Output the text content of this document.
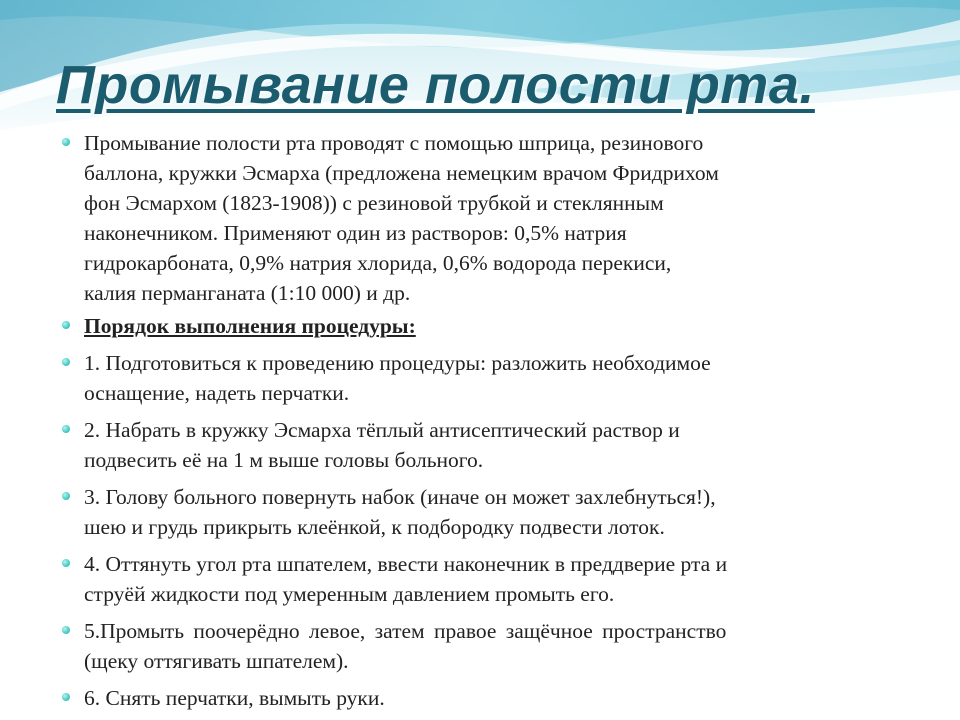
Промывание полости рта.
Промывание полости рта проводят с помощью шприца, резинового
баллона, кружки Эсмарха (предложена немецким врачом Фридрихом
фон Эсмархом (1823-1908)) с резиновой трубкой и стеклянным
наконечником. Применяют один из растворов: 0,5% натрия
гидрокарбоната, 0,9% натрия хлорида, 0,6% водорода перекиси,
калия перманганата (1:10 000) и др.
Порядок выполнения процедуры:
1. Подготовиться к проведению процедуры: разложить необходимое
оснащение, надеть перчатки.
2. Набрать в кружку Эсмарха тёплый антисептический раствор и
подвесить её на 1 м выше головы больного.
3. Голову больного повернуть набок (иначе он может захлебнуться!),
шею и грудь прикрыть клеёнкой, к подбородку подвести лоток.
4. Оттянуть угол рта шпателем, ввести наконечник в преддверие рта и
струёй жидкости под умеренным давлением промыть его.
5.Промыть поочерёдно левое, затем правое защёчное пространство
(щеку оттягивать шпателем).
6. Снять перчатки, вымыть руки.
